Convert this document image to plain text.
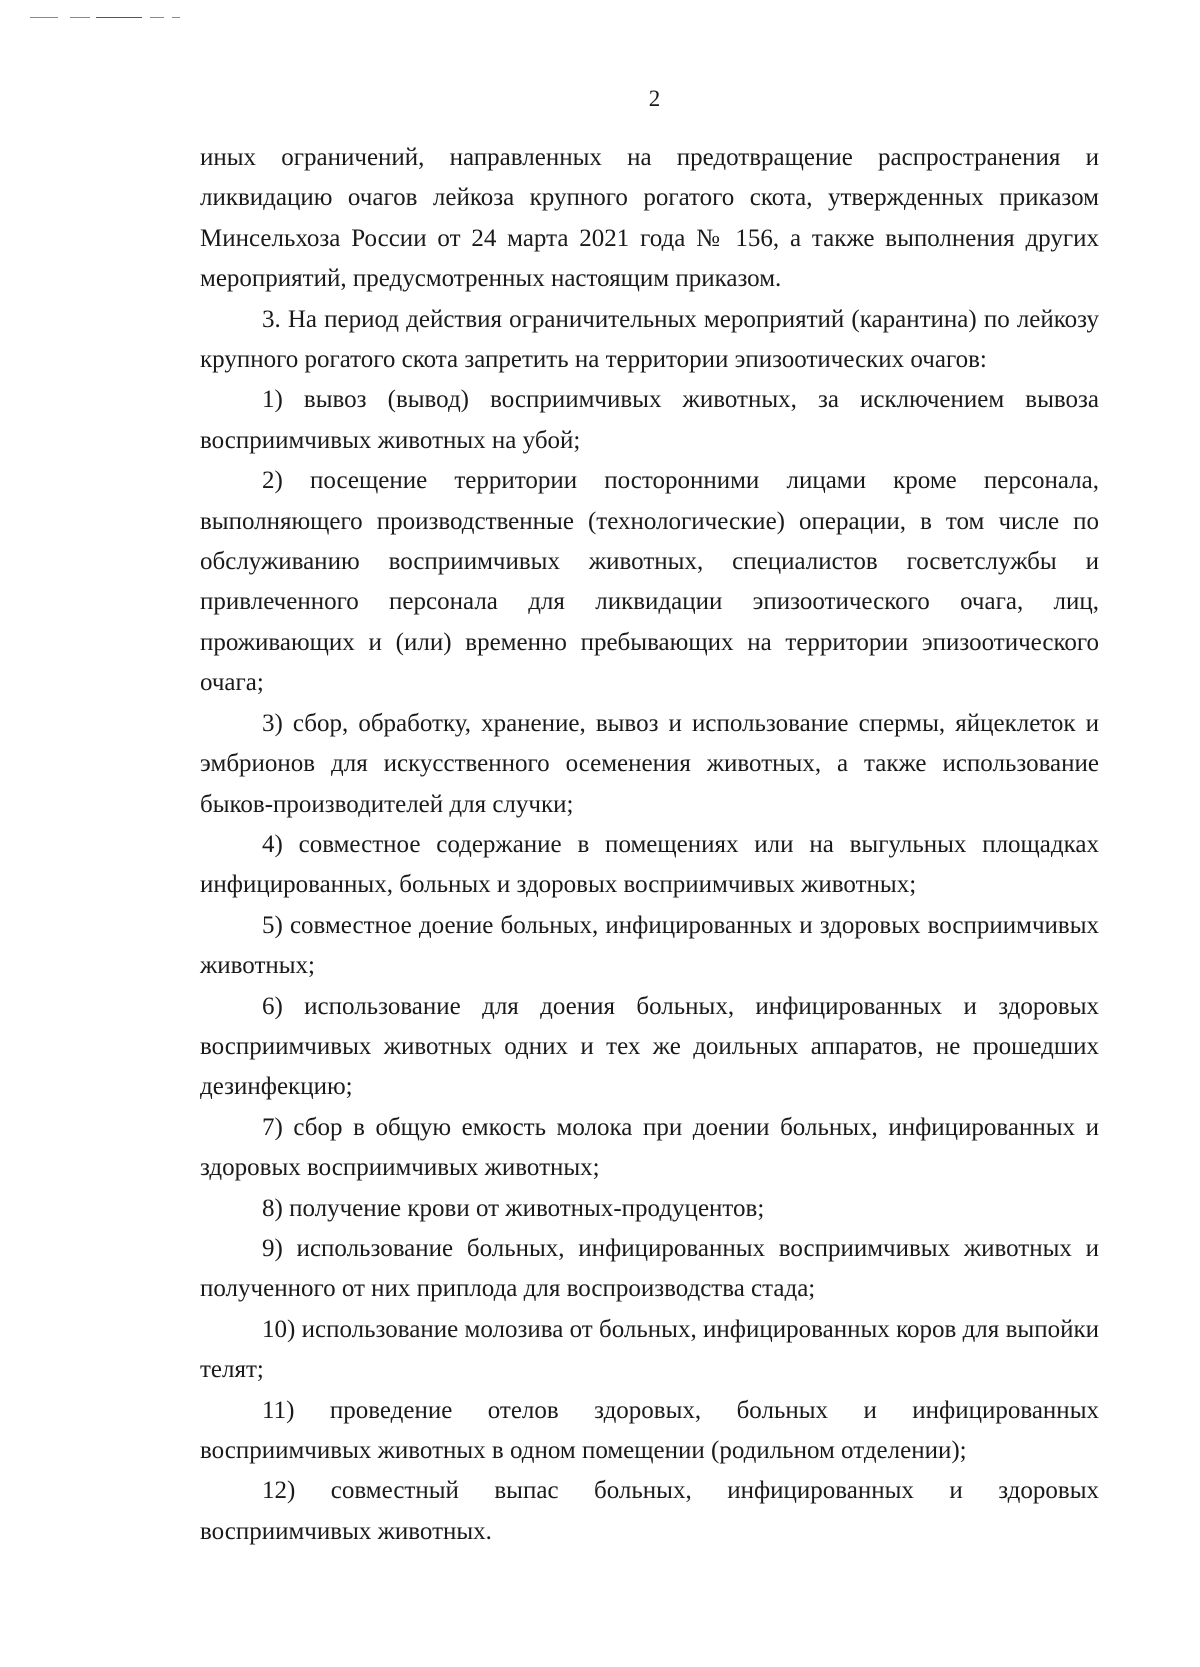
2

иных ограничений, направленных на предотвращение распространения и ликвидацию очагов лейкоза крупного рогатого скота, утвержденных приказом Минсельхоза России от 24 марта 2021 года № 156, а также выполнения других мероприятий, предусмотренных настоящим приказом.

3. На период действия ограничительных мероприятий (карантина) по лейкозу крупного рогатого скота запретить на территории эпизоотических очагов:

1) вывоз (вывод) восприимчивых животных, за исключением вывоза восприимчивых животных на убой;

2) посещение территории посторонними лицами кроме персонала, выполняющего производственные (технологические) операции, в том числе по обслуживанию восприимчивых животных, специалистов госветслужбы и привлеченного персонала для ликвидации эпизоотического очага, лиц, проживающих и (или) временно пребывающих на территории эпизоотического очага;

3) сбор, обработку, хранение, вывоз и использование спермы, яйцеклеток и эмбрионов для искусственного осеменения животных, а также использование быков-производителей для случки;

4) совместное содержание в помещениях или на выгульных площадках инфицированных, больных и здоровых восприимчивых животных;

5) совместное доение больных, инфицированных и здоровых восприимчивых животных;

6) использование для доения больных, инфицированных и здоровых восприимчивых животных одних и тех же доильных аппаратов, не прошедших дезинфекцию;

7) сбор в общую емкость молока при доении больных, инфицированных и здоровых восприимчивых животных;

8) получение крови от животных-продуцентов;

9) использование больных, инфицированных восприимчивых животных и полученного от них приплода для воспроизводства стада;

10) использование молозива от больных, инфицированных коров для выпойки телят;

11) проведение отелов здоровых, больных и инфицированных восприимчивых животных в одном помещении (родильном отделении);

12) совместный выпас больных, инфицированных и здоровых восприимчивых животных.
